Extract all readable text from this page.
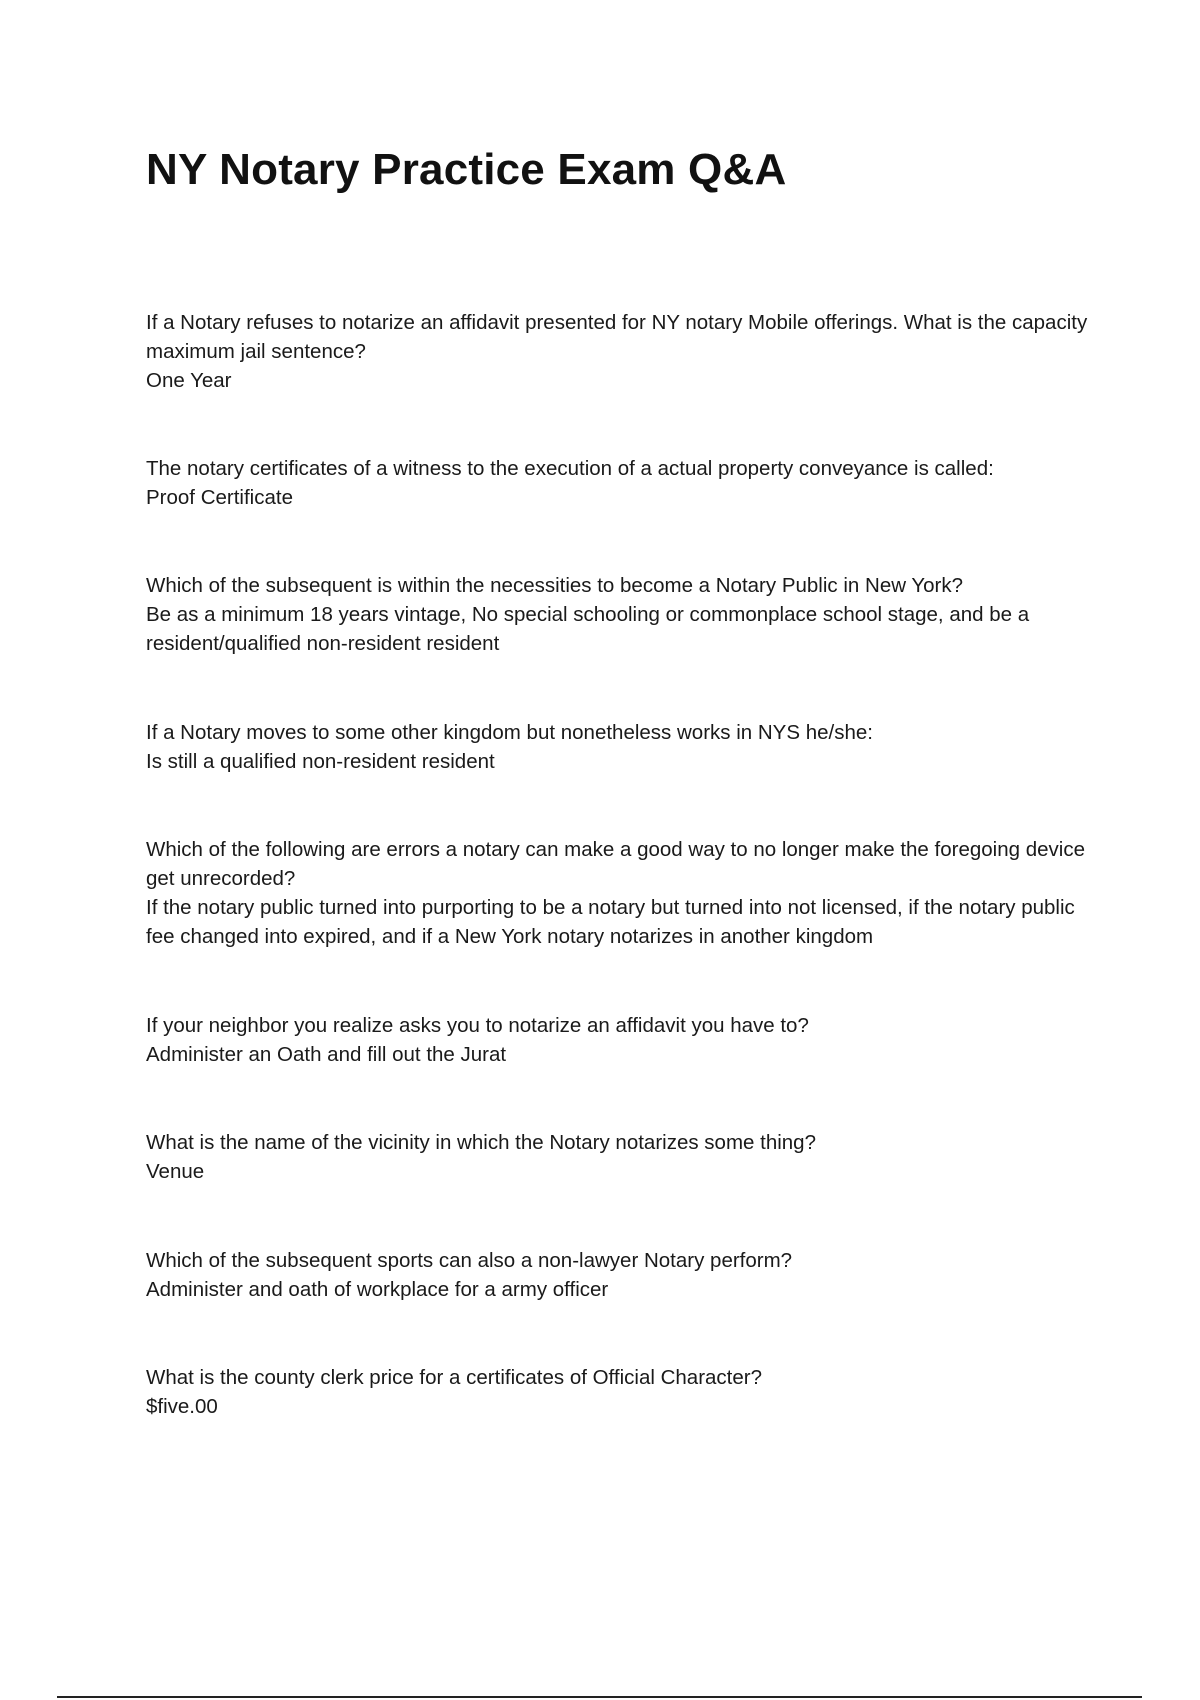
NY Notary Practice Exam Q&A

If a Notary refuses to notarize an affidavit presented for NY notary Mobile offerings. What is the capacity maximum jail sentence?

One Year

The notary certificates of a witness to the execution of a actual property conveyance is called:

Proof Certificate

Which of the subsequent is within the necessities to become a Notary Public in New York?

Be as a minimum 18 years vintage, No special schooling or commonplace school stage, and be a resident/qualified non-resident resident

If a Notary moves to some other kingdom but nonetheless works in NYS he/she:

Is still a qualified non-resident resident

Which of the following are errors a notary can make a good way to no longer make the foregoing device get unrecorded?

If the notary public turned into purporting to be a notary but turned into not licensed, if the notary public fee changed into expired, and if a New York notary notarizes in another kingdom

If your neighbor you realize asks you to notarize an affidavit you have to?

Administer an Oath and fill out the Jurat

What is the name of the vicinity in which the Notary notarizes some thing?

Venue

Which of the subsequent sports can also a non-lawyer Notary perform?

Administer and oath of workplace for a army officer

What is the county clerk price for a certificates of Official Character?

$five.00
